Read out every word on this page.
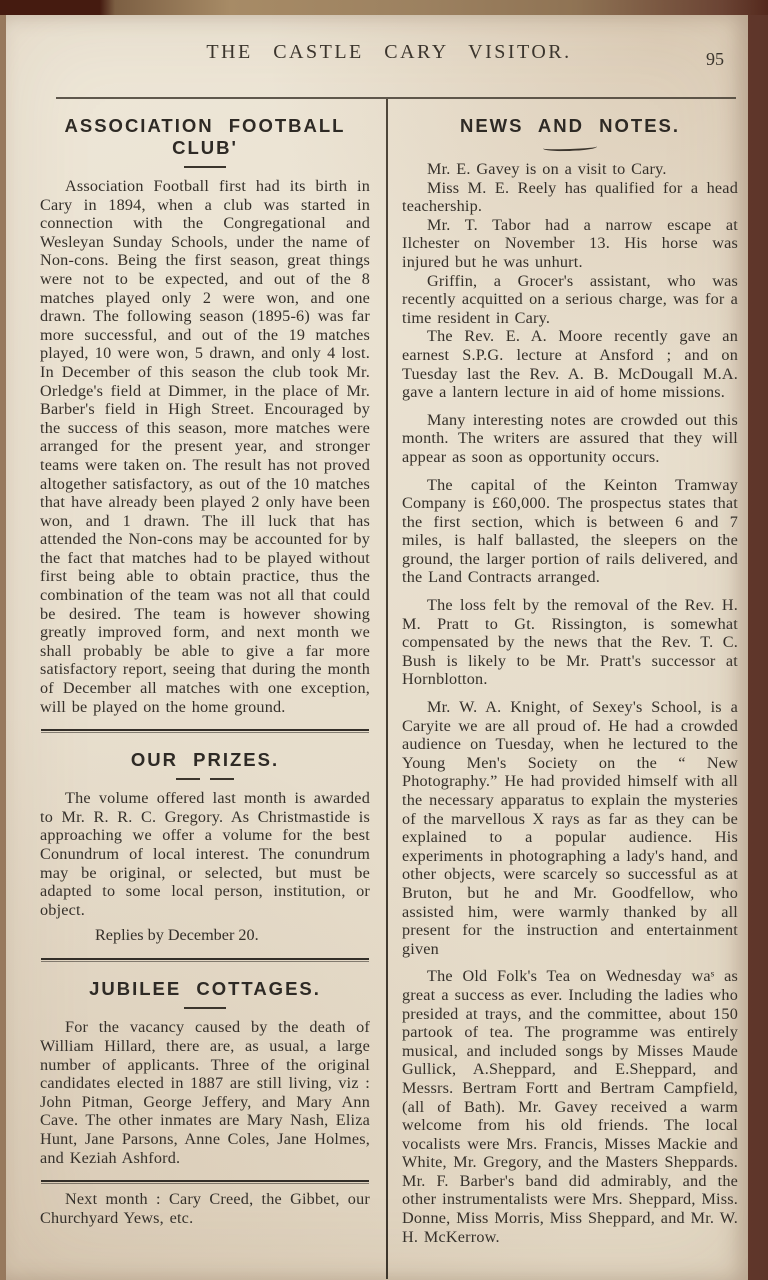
THE CASTLE CARY VISITOR.	95
ASSOCIATION FOOTBALL CLUB'

Association Football first had its birth in Cary in 1894, when a club was started in connection with the Congregational and Wesleyan Sunday Schools, under the name of Non-cons. Being the first season, great things were not to be expected, and out of the 8 matches played only 2 were won, and one drawn. The following season (1895-6) was far more successful, and out of the 19 matches played, 10 were won, 5 drawn, and only 4 lost. In December of this season the club took Mr. Orledge's field at Dimmer, in the place of Mr. Barber's field in High Street. Encouraged by the success of this season, more matches were arranged for the present year, and stronger teams were taken on. The result has not proved altogether satisfactory, as out of the 10 matches that have already been played 2 only have been won, and 1 drawn. The ill luck that has attended the Non-cons may be accounted for by the fact that matches had to be played without first being able to obtain practice, thus the combination of the team was not all that could be desired. The team is however showing greatly improved form, and next month we shall probably be able to give a far more satisfactory report, seeing that during the month of December all matches with one exception, will be played on the home ground.

OUR PRIZES.

The volume offered last month is awarded to Mr. R. R. C. Gregory. As Christmastide is approaching we offer a volume for the best Conundrum of local interest. The conundrum may be original, or selected, but must be adapted to some local person, institution, or object.

Replies by December 20.

JUBILEE COTTAGES.

For the vacancy caused by the death of William Hillard, there are, as usual, a large number of applicants. Three of the original candidates elected in 1887 are still living, viz : John Pitman, George Jeffery, and Mary Ann Cave. The other inmates are Mary Nash, Eliza Hunt, Jane Parsons, Anne Coles, Jane Holmes, and Keziah Ashford.

Next month : Cary Creed, the Gibbet, our Churchyard Yews, etc.

NEWS AND NOTES.

Mr. E. Gavey is on a visit to Cary.

Miss M. E. Reely has qualified for a head teachership.

Mr. T. Tabor had a narrow escape at Ilchester on November 13. His horse was injured but he was unhurt.

Griffin, a Grocer's assistant, who was recently acquitted on a serious charge, was for a time resident in Cary.

The Rev. E. A. Moore recently gave an earnest S.P.G. lecture at Ansford ; and on Tuesday last the Rev. A. B. McDougall M.A. gave a lantern lecture in aid of home missions.

Many interesting notes are crowded out this month. The writers are assured that they will appear as soon as opportunity occurs.

The capital of the Keinton Tramway Company is £60,000. The prospectus states that the first section, which is between 6 and 7 miles, is half ballasted, the sleepers on the ground, the larger portion of rails delivered, and the Land Contracts arranged.

The loss felt by the removal of the Rev. H. M. Pratt to Gt. Rissington, is somewhat compensated by the news that the Rev. T. C. Bush is likely to be Mr. Pratt's successor at Hornblotton.

Mr. W. A. Knight, of Sexey's School, is a Caryite we are all proud of. He had a crowded audience on Tuesday, when he lectured to the Young Men's Society on the “ New Photography.” He had provided himself with all the necessary apparatus to explain the mysteries of the marvellous X rays as far as they can be explained to a popular audience. His experiments in photographing a lady's hand, and other objects, were scarcely so successful as at Bruton, but he and Mr. Goodfellow, who assisted him, were warmly thanked by all present for the instruction and entertainment given

The Old Folk's Tea on Wednesday waˢ as great a success as ever. Including the ladies who presided at trays, and the committee, about 150 partook of tea. The programme was entirely musical, and included songs by Misses Maude Gullick, A.Sheppard, and E.Sheppard, and Messrs. Bertram Fortt and Bertram Campfield, (all of Bath). Mr. Gavey received a warm welcome from his old friends. The local vocalists were Mrs. Francis, Misses Mackie and White, Mr. Gregory, and the Masters Sheppards. Mr. F. Barber's band did admirably, and the other instrumentalists were Mrs. Sheppard, Miss. Donne, Miss Morris, Miss Sheppard, and Mr. W. H. McKerrow.
